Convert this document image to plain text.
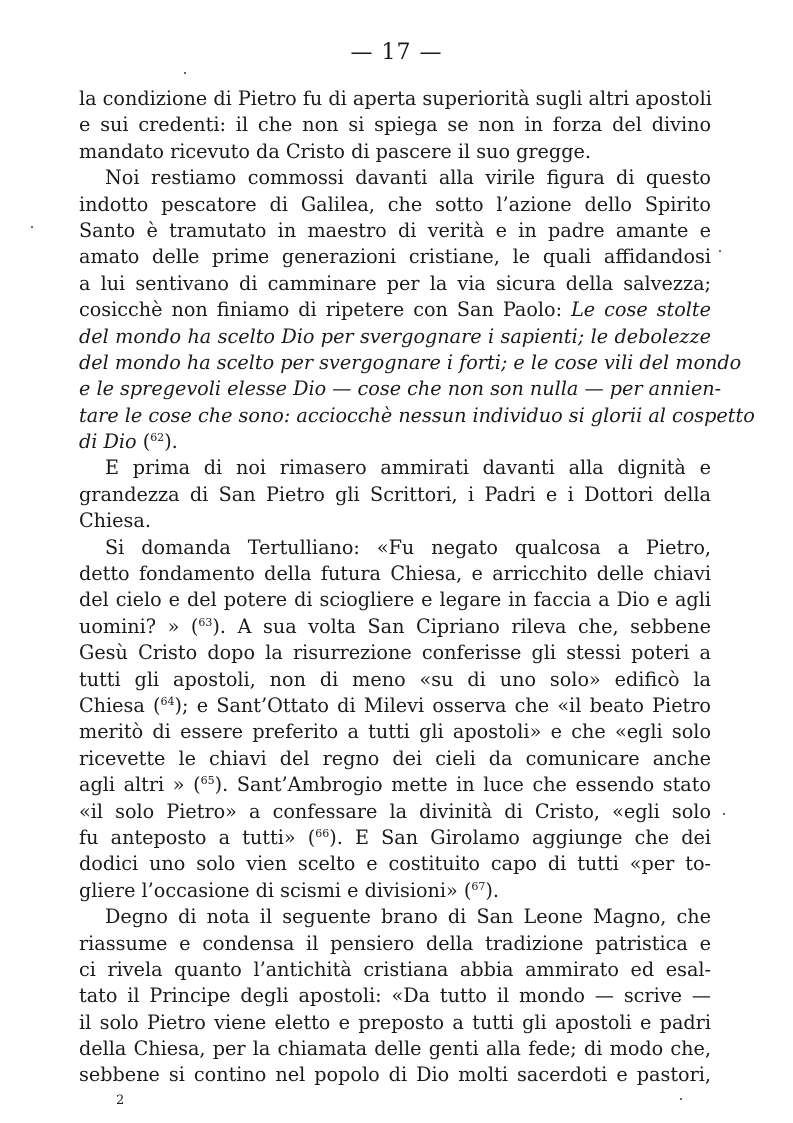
— 17 —
la condizione di Pietro fu di aperta superiorità sugli altri apostoli
e sui credenti: il che non si spiega se non in forza del divino
mandato ricevuto da Cristo di pascere il suo gregge.
Noi restiamo commossi davanti alla virile figura di questo
indotto pescatore di Galilea, che sotto l’azione dello Spirito
Santo è tramutato in maestro di verità e in padre amante e
amato delle prime generazioni cristiane, le quali affidandosi
a lui sentivano di camminare per la via sicura della salvezza;
cosicchè non finiamo di ripetere con San Paolo: Le cose stolte
del mondo ha scelto Dio per svergognare i sapienti; le debolezze
del mondo ha scelto per svergognare i forti; e le cose vili del mondo
e le spregevoli elesse Dio — cose che non son nulla — per annien-
tare le cose che sono: acciocchè nessun individuo si glorii al cospetto
di Dio ($^{62}$).
E prima di noi rimasero ammirati davanti alla dignità e
grandezza di San Pietro gli Scrittori, i Padri e i Dottori della
Chiesa.
Si domanda Tertulliano: «Fu negato qualcosa a Pietro,
detto fondamento della futura Chiesa, e arricchito delle chiavi
del cielo e del potere di sciogliere e legare in faccia a Dio e agli
uomini? » ($^{63}$). A sua volta San Cipriano rileva che, sebbene
Gesù Cristo dopo la risurrezione conferisse gli stessi poteri a
tutti gli apostoli, non di meno «su di uno solo» edificò la
Chiesa ($^{64}$); e Sant’Ottato di Milevi osserva che «il beato Pietro
meritò di essere preferito a tutti gli apostoli» e che «egli solo
ricevette le chiavi del regno dei cieli da comunicare anche
agli altri » ($^{65}$). Sant’Ambrogio mette in luce che essendo stato
«il solo Pietro» a confessare la divinità di Cristo, «egli solo
fu anteposto a tutti» ($^{66}$). E San Girolamo aggiunge che dei
dodici uno solo vien scelto e costituito capo di tutti «per to-
gliere l’occasione di scismi e divisioni» ($^{67}$).
Degno di nota il seguente brano di San Leone Magno, che
riassume e condensa il pensiero della tradizione patristica e
ci rivela quanto l’antichità cristiana abbia ammirato ed esal-
tato il Principe degli apostoli: «Da tutto il mondo — scrive —
il solo Pietro viene eletto e preposto a tutti gli apostoli e padri
della Chiesa, per la chiamata delle genti alla fede; di modo che,
sebbene si contino nel popolo di Dio molti sacerdoti e pastori,
2
